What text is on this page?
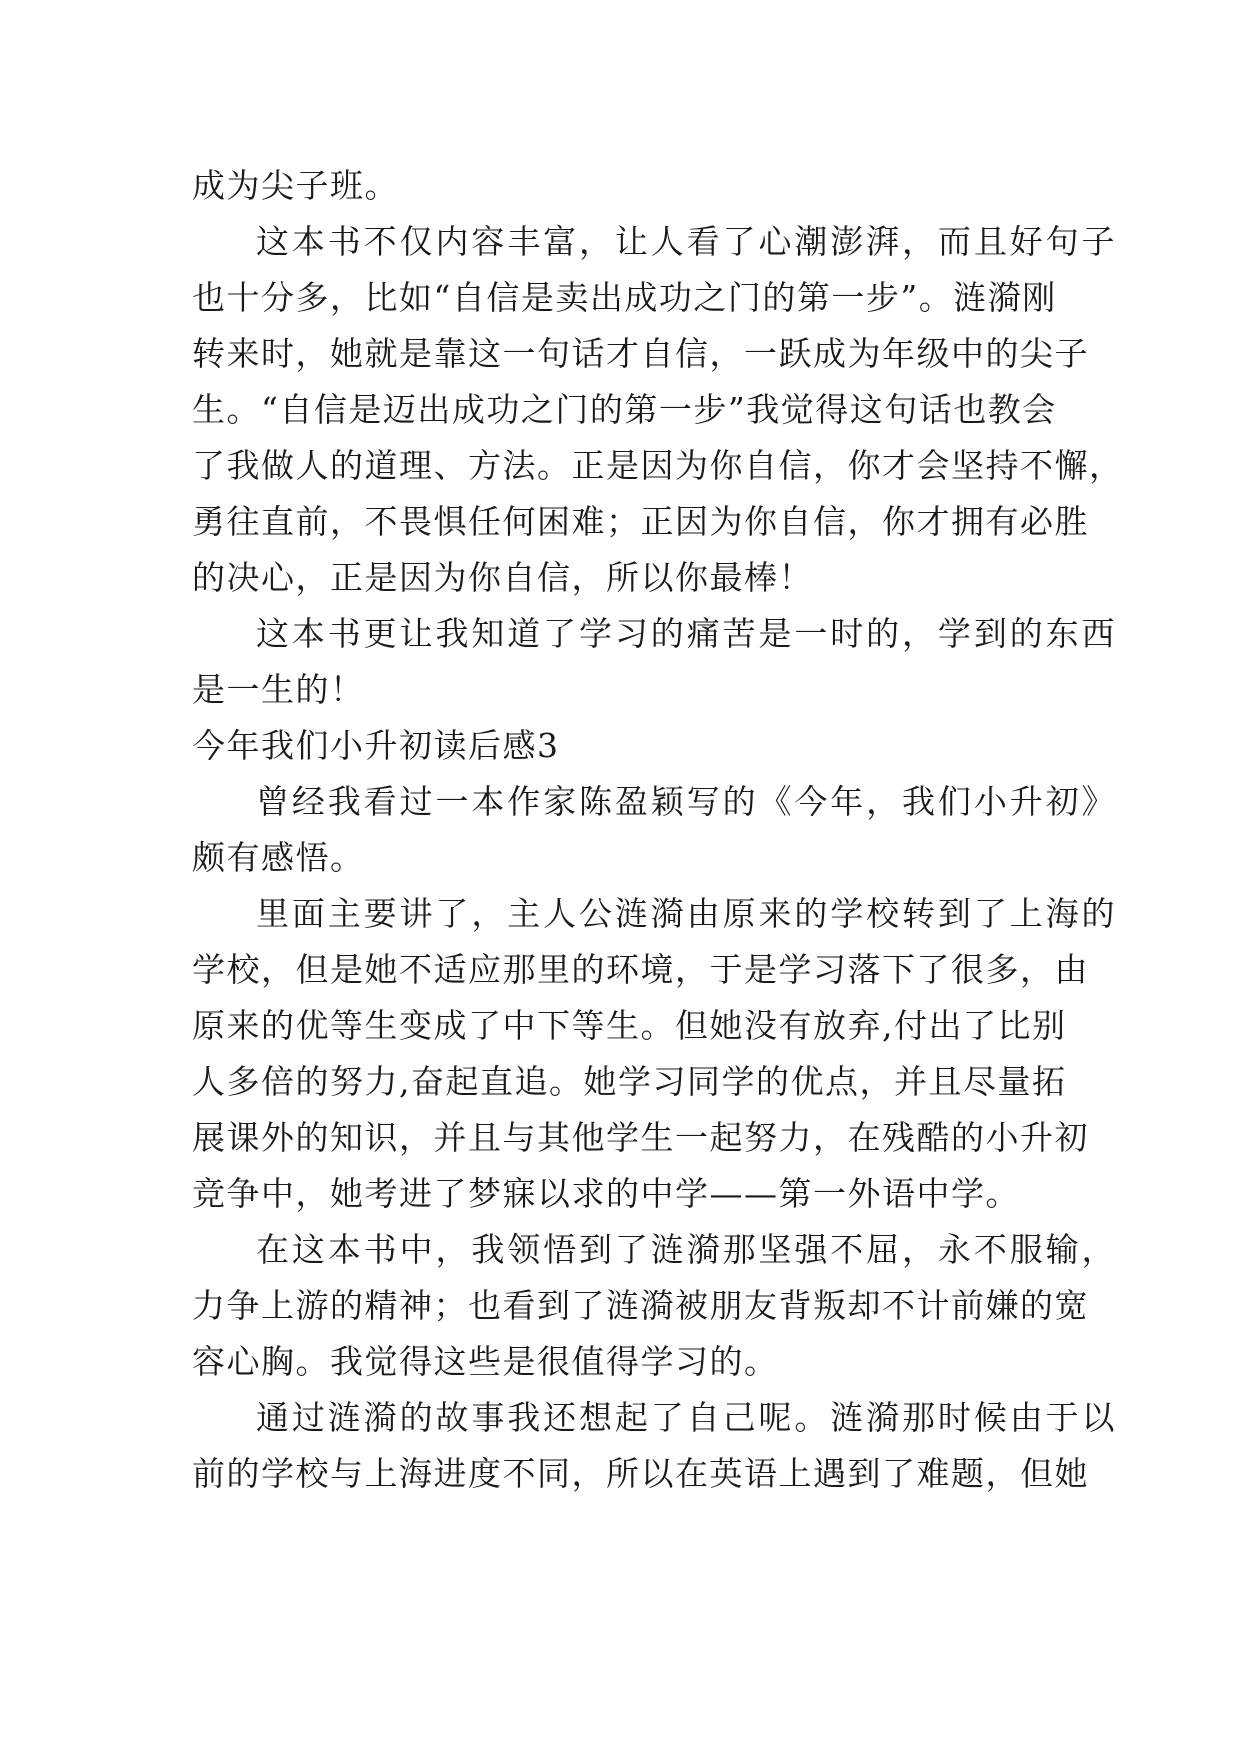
成为尖子班。
这本书不仅内容丰富，让人看了心潮澎湃，而且好句子
也十分多，比如“自信是卖出成功之门的第一步”。涟漪刚
转来时，她就是靠这一句话才自信，一跃成为年级中的尖子
生。“自信是迈出成功之门的第一步”我觉得这句话也教会
了我做人的道理、方法。正是因为你自信，你才会坚持不懈，
勇往直前，不畏惧任何困难；正因为你自信，你才拥有必胜
的决心，正是因为你自信，所以你最棒！
这本书更让我知道了学习的痛苦是一时的，学到的东西
是一生的！
今年我们小升初读后感3
曾经我看过一本作家陈盈颖写的《今年，我们小升初》
颇有感悟。
里面主要讲了，主人公涟漪由原来的学校转到了上海的
学校，但是她不适应那里的环境，于是学习落下了很多，由
原来的优等生变成了中下等生。但她没有放弃,付出了比别
人多倍的努力,奋起直追。她学习同学的优点，并且尽量拓
展课外的知识，并且与其他学生一起努力，在残酷的小升初
竞争中，她考进了梦寐以求的中学——第一外语中学。
在这本书中，我领悟到了涟漪那坚强不屈，永不服输，
力争上游的精神；也看到了涟漪被朋友背叛却不计前嫌的宽
容心胸。我觉得这些是很值得学习的。
通过涟漪的故事我还想起了自己呢。涟漪那时候由于以
前的学校与上海进度不同，所以在英语上遇到了难题，但她
